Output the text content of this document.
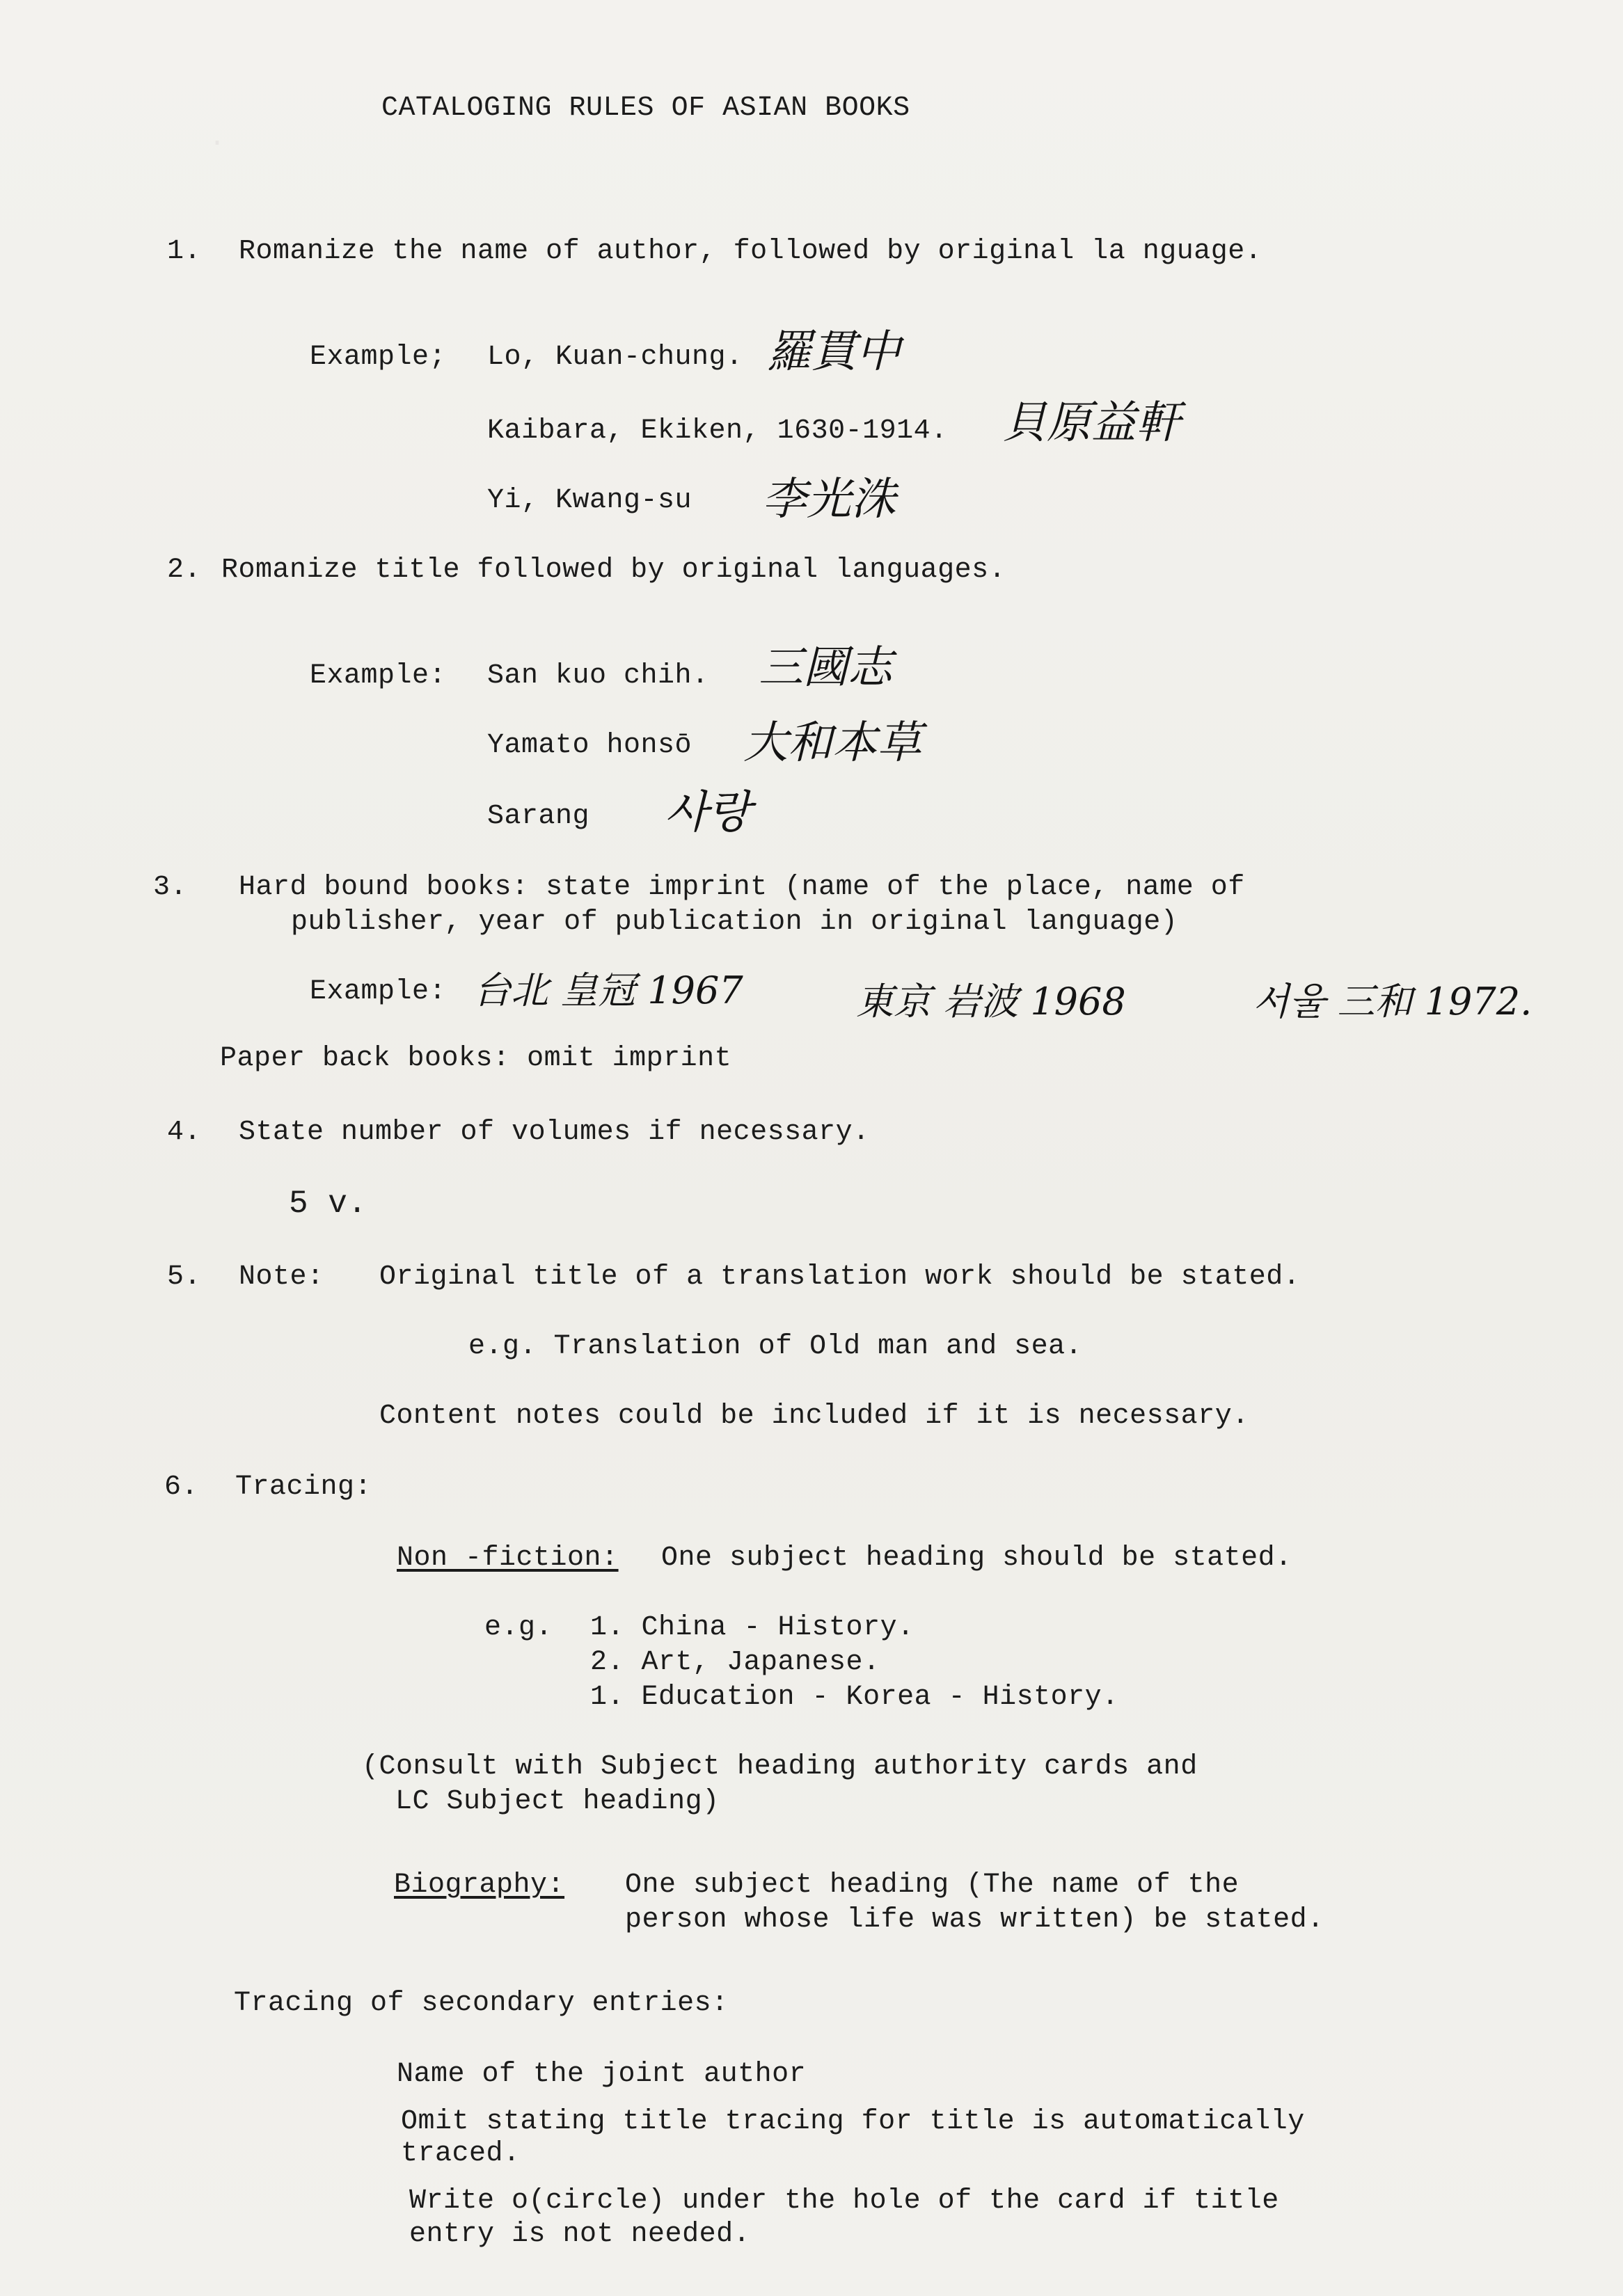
.
CATALOGING RULES OF ASIAN BOOKS
1. Romanize the name of author, followed by original la nguage.
Example; Lo, Kuan-chung. 羅貫中
Kaibara, Ekiken, 1630-1914. 貝原益軒
Yi, Kwang-su 李光洙
2. Romanize title followed by original languages.
Example: San kuo chih. 三國志
Yamato honsō 大和本草
Sarang 사랑
3. Hard bound books: state imprint (name of the place, name of
publisher, year of publication in original language)
Example: 台北 皇冠 1967	東京 岩波 1968	서울 三和 1972.
Paper back books: omit imprint
4. State number of volumes if necessary.
5 v.
5. Note: Original title of a translation work should be stated.
e.g. Translation of Old man and sea.
Content notes could be included if it is necessary.
6. Tracing:
Non -fiction: One subject heading should be stated.
e.g. 1. China - History.
2. Art, Japanese.
1. Education - Korea - History.
(Consult with Subject heading authority cards and
LC Subject heading)
Biography: One subject heading (The name of the
person whose life was written) be stated.
Tracing of secondary entries:
Name of the joint author
Omit stating title tracing for title is automatically
traced.
Write o(circle) under the hole of the card if title
entry is not needed.
